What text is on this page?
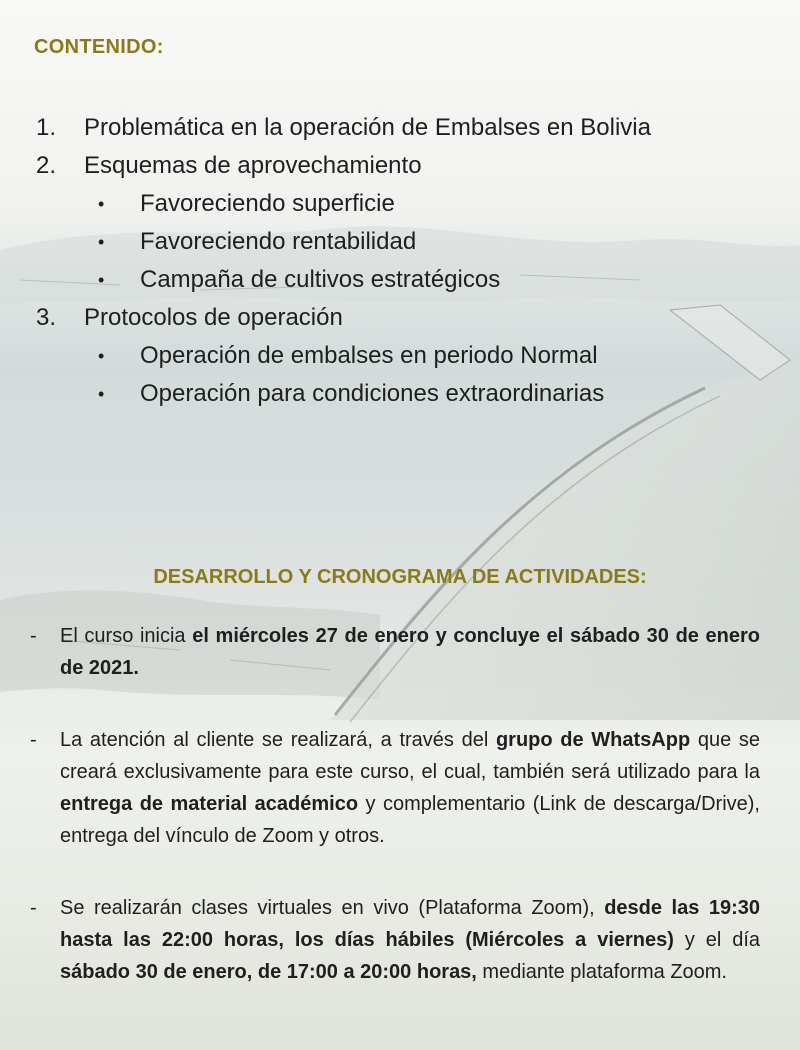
CONTENIDO:
1.	Problemática en la operación de Embalses en Bolivia
2.	Esquemas de aprovechamiento
• Favoreciendo superficie
• Favoreciendo rentabilidad
• Campaña de cultivos estratégicos
3.	Protocolos de operación
• Operación de embalses en periodo Normal
• Operación para condiciones extraordinarias
DESARROLLO Y CRONOGRAMA DE ACTIVIDADES:
- El curso inicia el miércoles 27 de enero y concluye el sábado 30 de enero de 2021.
- La atención al cliente se realizará, a través del grupo de WhatsApp que se creará exclusivamente para este curso, el cual, también será utilizado para la entrega de material académico y complementario (Link de descarga/Drive), entrega del vínculo de Zoom y otros.
- Se realizarán clases virtuales en vivo (Plataforma Zoom), desde las 19:30 hasta las 22:00 horas, los días hábiles (Miércoles a viernes) y el día sábado 30 de enero, de 17:00 a 20:00 horas, mediante plataforma Zoom.
